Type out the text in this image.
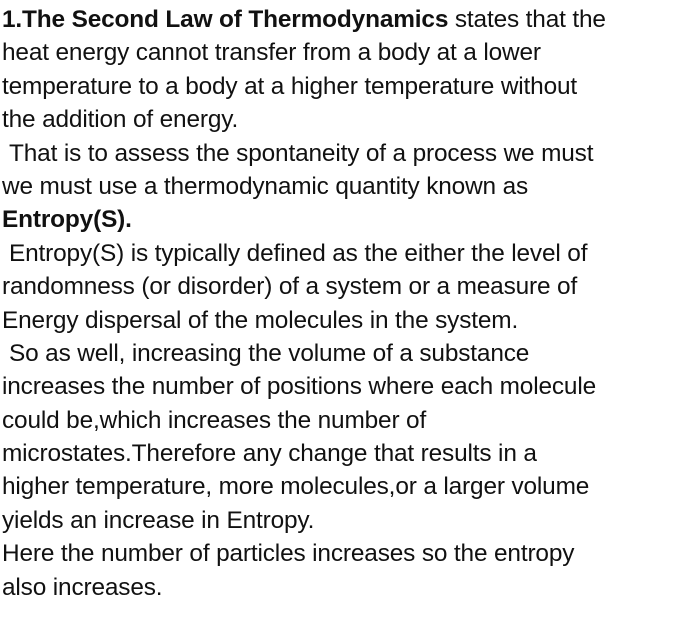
1.The Second Law of Thermodynamics states that the
heat energy cannot transfer from a body at a lower
temperature to a body at a higher temperature without
the addition of energy.
That is to assess the spontaneity of a process we must
we must use a thermodynamic quantity known as
Entropy(S).
Entropy(S) is typically defined as the either the level of
randomness (or disorder) of a system or a measure of
Energy dispersal of the molecules in the system.
So as well, increasing the volume of a substance
increases the number of positions where each molecule
could be,which increases the number of
microstates.Therefore any change that results in a
higher temperature, more molecules,or a larger volume
yields an increase in Entropy.
Here the number of particles increases so the entropy
also increases.
